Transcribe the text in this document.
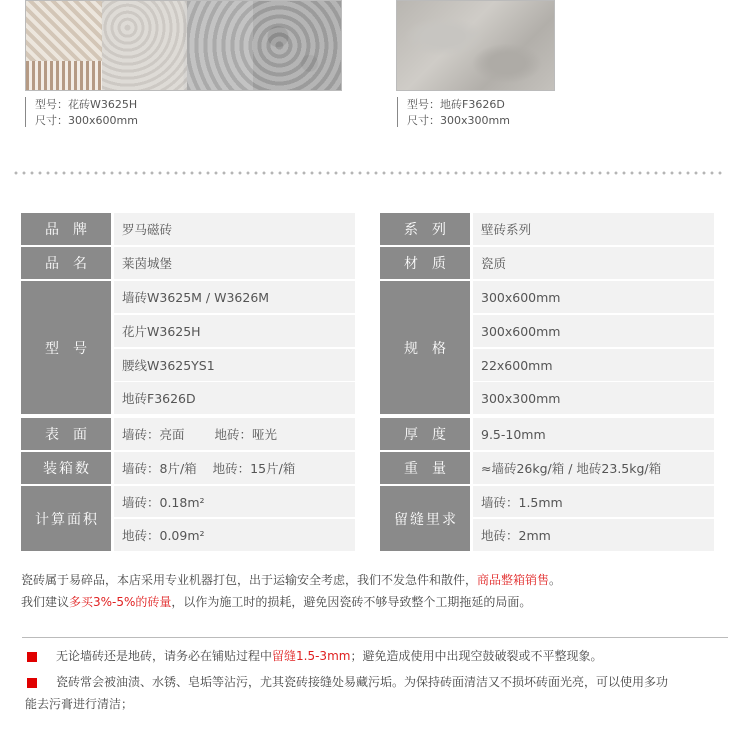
型号：花砖W3625H
尺寸：300x600mm
型号：地砖F3626D
尺寸：300x300mm
品牌	罗马磁砖
品名	莱茵城堡
型号
墙砖W3625M / W3626M
花片W3625H
腰线W3625YS1
地砖F3626D
表面	墙砖：亮面 地砖：哑光
装箱数	墙砖：8片/箱 地砖：15片/箱
计算面积
墙砖：0.18m²
地砖：0.09m²
系列	壁砖系列
材质	瓷质
规格
300x600mm
300x600mm
22x600mm
300x300mm
厚度	9.5-10mm
重量	≈墙砖26kg/箱 / 地砖23.5kg/箱
留缝里求
墙砖：1.5mm
地砖：2mm
瓷砖属于易碎品，本店采用专业机器打包，出于运输安全考虑，我们不发急件和散件，商品整箱销售。
我们建议多买3%-5%的砖量，以作为施工时的损耗，避免因瓷砖不够导致整个工期拖延的局面。
无论墙砖还是地砖，请务必在铺贴过程中留缝1.5-3mm；避免造成使用中出现空鼓破裂或不平整现象。
瓷砖常会被油渍、水锈、皂垢等沾污，尤其瓷砖接缝处易藏污垢。为保持砖面清洁又不损坏砖面光亮，可以使用多功
能去污膏进行清洁；
